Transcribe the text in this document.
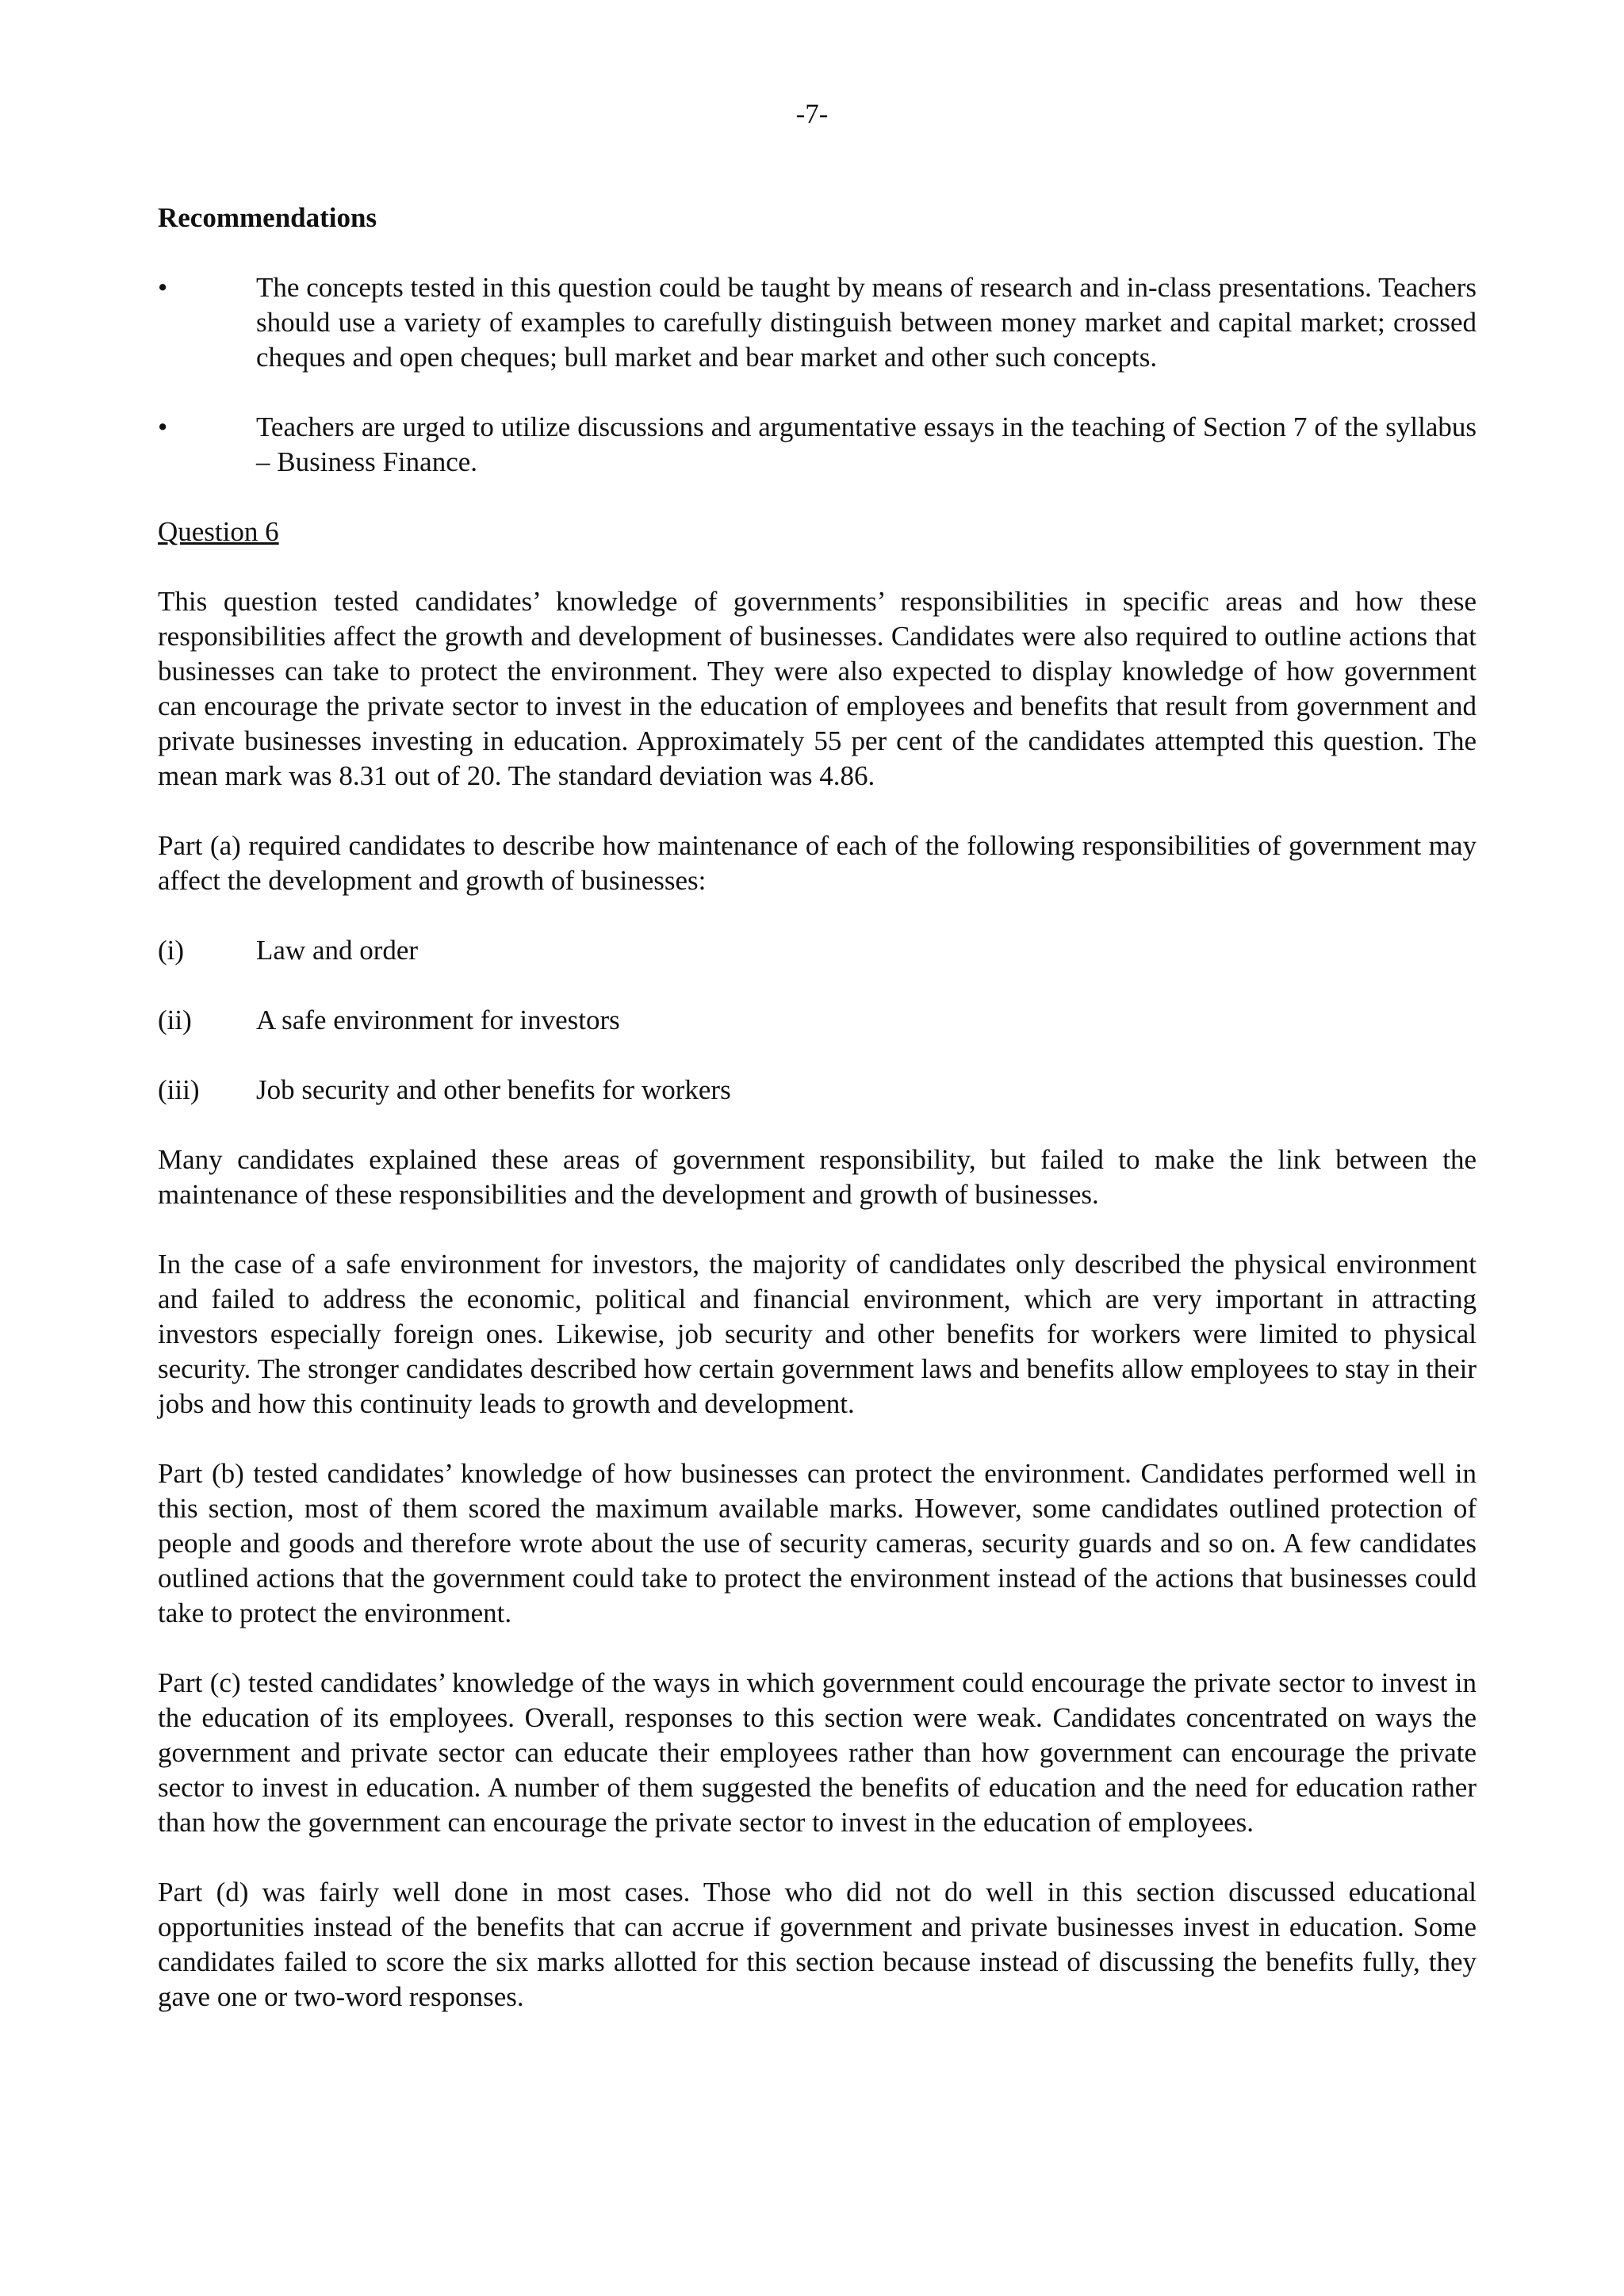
-7-
Recommendations
•	The concepts tested in this question could be taught by means of research and in-class presentations. Teachers should use a variety of examples to carefully distinguish between money market and capital market; crossed cheques and open cheques; bull market and bear market and other such concepts.
•	Teachers are urged to utilize discussions and argumentative essays in the teaching of Section 7 of the syllabus – Business Finance.
Question 6

This question tested candidates’ knowledge of governments’ responsibilities in specific areas and how these responsibilities affect the growth and development of businesses. Candidates were also required to outline actions that businesses can take to protect the environment. They were also expected to display knowledge of how government can encourage the private sector to invest in the education of employees and benefits that result from government and private businesses investing in education. Approximately 55 per cent of the candidates attempted this question. The mean mark was 8.31 out of 20. The standard deviation was 4.86.

Part (a) required candidates to describe how maintenance of each of the following responsibilities of government may affect the development and growth of businesses:

(i)	Law and order
(ii)	A safe environment for investors
(iii)	Job security and other benefits for workers

Many candidates explained these areas of government responsibility, but failed to make the link between the maintenance of these responsibilities and the development and growth of businesses.

In the case of a safe environment for investors, the majority of candidates only described the physical environment and failed to address the economic, political and financial environment, which are very important in attracting investors especially foreign ones. Likewise, job security and other benefits for workers were limited to physical security. The stronger candidates described how certain government laws and benefits allow employees to stay in their jobs and how this continuity leads to growth and development.

Part (b) tested candidates’ knowledge of how businesses can protect the environment. Candidates performed well in this section, most of them scored the maximum available marks. However, some candidates outlined protection of people and goods and therefore wrote about the use of security cameras, security guards and so on. A few candidates outlined actions that the government could take to protect the environment instead of the actions that businesses could take to protect the environment.

Part (c) tested candidates’ knowledge of the ways in which government could encourage the private sector to invest in the education of its employees. Overall, responses to this section were weak. Candidates concentrated on ways the government and private sector can educate their employees rather than how government can encourage the private sector to invest in education. A number of them suggested the benefits of education and the need for education rather than how the government can encourage the private sector to invest in the education of employees.

Part (d) was fairly well done in most cases. Those who did not do well in this section discussed educational opportunities instead of the benefits that can accrue if government and private businesses invest in education. Some candidates failed to score the six marks allotted for this section because instead of discussing the benefits fully, they gave one or two-word responses.
